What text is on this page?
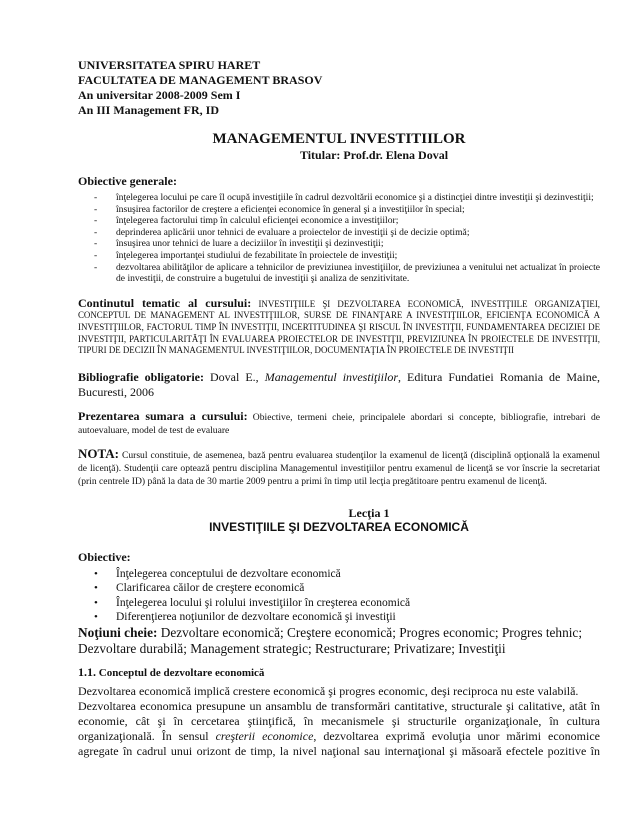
UNIVERSITATEA SPIRU HARET
FACULTATEA DE MANAGEMENT BRASOV
An universitar 2008-2009 Sem I
An III Management FR, ID
MANAGEMENTUL INVESTITIILOR
Titular: Prof.dr. Elena Doval
Obiective generale:
- înţelegerea locului pe care îl ocupă investiţiile în cadrul dezvoltării economice şi a distincţiei dintre investiţii şi dezinvestiţii;
- însuşirea factorilor de creştere a eficienţei economice în general şi a investiţiilor în special;
- înţelegerea factorului timp în calculul eficienţei economice a investiţiilor;
- deprinderea aplicării unor tehnici de evaluare a proiectelor de investiţii şi de decizie optimă;
- însuşirea unor tehnici de luare a deciziilor în investiţii şi dezinvestiţii;
- înţelegerea importanţei studiului de fezabilitate în proiectele de investiţii;
- dezvoltarea abilităţilor de aplicare a tehnicilor de previziunea investiţiilor, de previziunea a venitului net actualizat în proiecte de investiţii, de construire a bugetului de investiţii şi analiza de senzitivitate.
Continutul tematic al cursului: INVESTIŢIILE ŞI DEZVOLTAREA ECONOMICĂ, INVESTIŢIILE ORGANIZAŢIEI, CONCEPTUL DE MANAGEMENT AL INVESTIŢIILOR, SURSE DE FINANŢARE A INVESTIŢIILOR, EFICIENŢA ECONOMICĂ A INVESTIŢIILOR, FACTORUL TIMP ÎN INVESTIŢII, INCERTITUDINEA ŞI RISCUL ÎN INVESTIŢII, FUNDAMENTAREA DECIZIEI DE INVESTIŢII, PARTICULARITĂŢI ÎN EVALUAREA PROIECTELOR DE INVESTIŢII, PREVIZIUNEA ÎN PROIECTELE DE INVESTIŢII, TIPURI DE DECIZII ÎN MANAGEMENTUL INVESTIŢIILOR, DOCUMENTAŢIA ÎN PROIECTELE DE INVESTIŢII
Bibliografie obligatorie: Doval E., Managementul investiţiilor, Editura Fundatiei Romania de Maine, Bucuresti, 2006
Prezentarea sumara a cursului: Obiective, termeni cheie, principalele abordari si concepte, bibliografie, intrebari de autoevaluare, model de test de evaluare
NOTA: Cursul constituie, de asemenea, bază pentru evaluarea studenţilor la examenul de licenţă (disciplină opţională la examenul de licenţă). Studenţii care optează pentru disciplina Managementul investiţiilor pentru examenul de licenţă se vor înscrie la secretariat (prin centrele ID) până la data de 30 martie 2009 pentru a primi în timp util lecţia pregătitoare pentru examenul de licenţă.
Lecţia 1
INVESTIŢIILE ŞI DEZVOLTAREA ECONOMICĂ
Obiective:
• Înţelegerea conceptului de dezvoltare economică
• Clarificarea căilor de creştere economică
• Înţelegerea locului şi rolului investiţiilor în creşterea economică
• Diferenţierea noţiunilor de dezvoltare economică şi investiţii
Noţiuni cheie: Dezvoltare economică; Creştere economică; Progres economic; Progres tehnic; Dezvoltare durabilă; Management strategic; Restructurare; Privatizare; Investiţii
1.1. Conceptul de dezvoltare economică
Dezvoltarea economică implică crestere economică şi progres economic, deşi reciproca nu este valabilă.
Dezvoltarea economica presupune un ansamblu de transformări cantitative, structurale şi calitative, atât în
economie, cât şi în cercetarea ştiinţifică, în mecanismele şi structurile organizaţionale, în cultura
organizaţională. În sensul creşterii economice, dezvoltarea exprimă evoluţia unor mărimi economice
agregate în cadrul unui orizont de timp, la nivel naţional sau internaţional şi măsoară efectele pozitive în
